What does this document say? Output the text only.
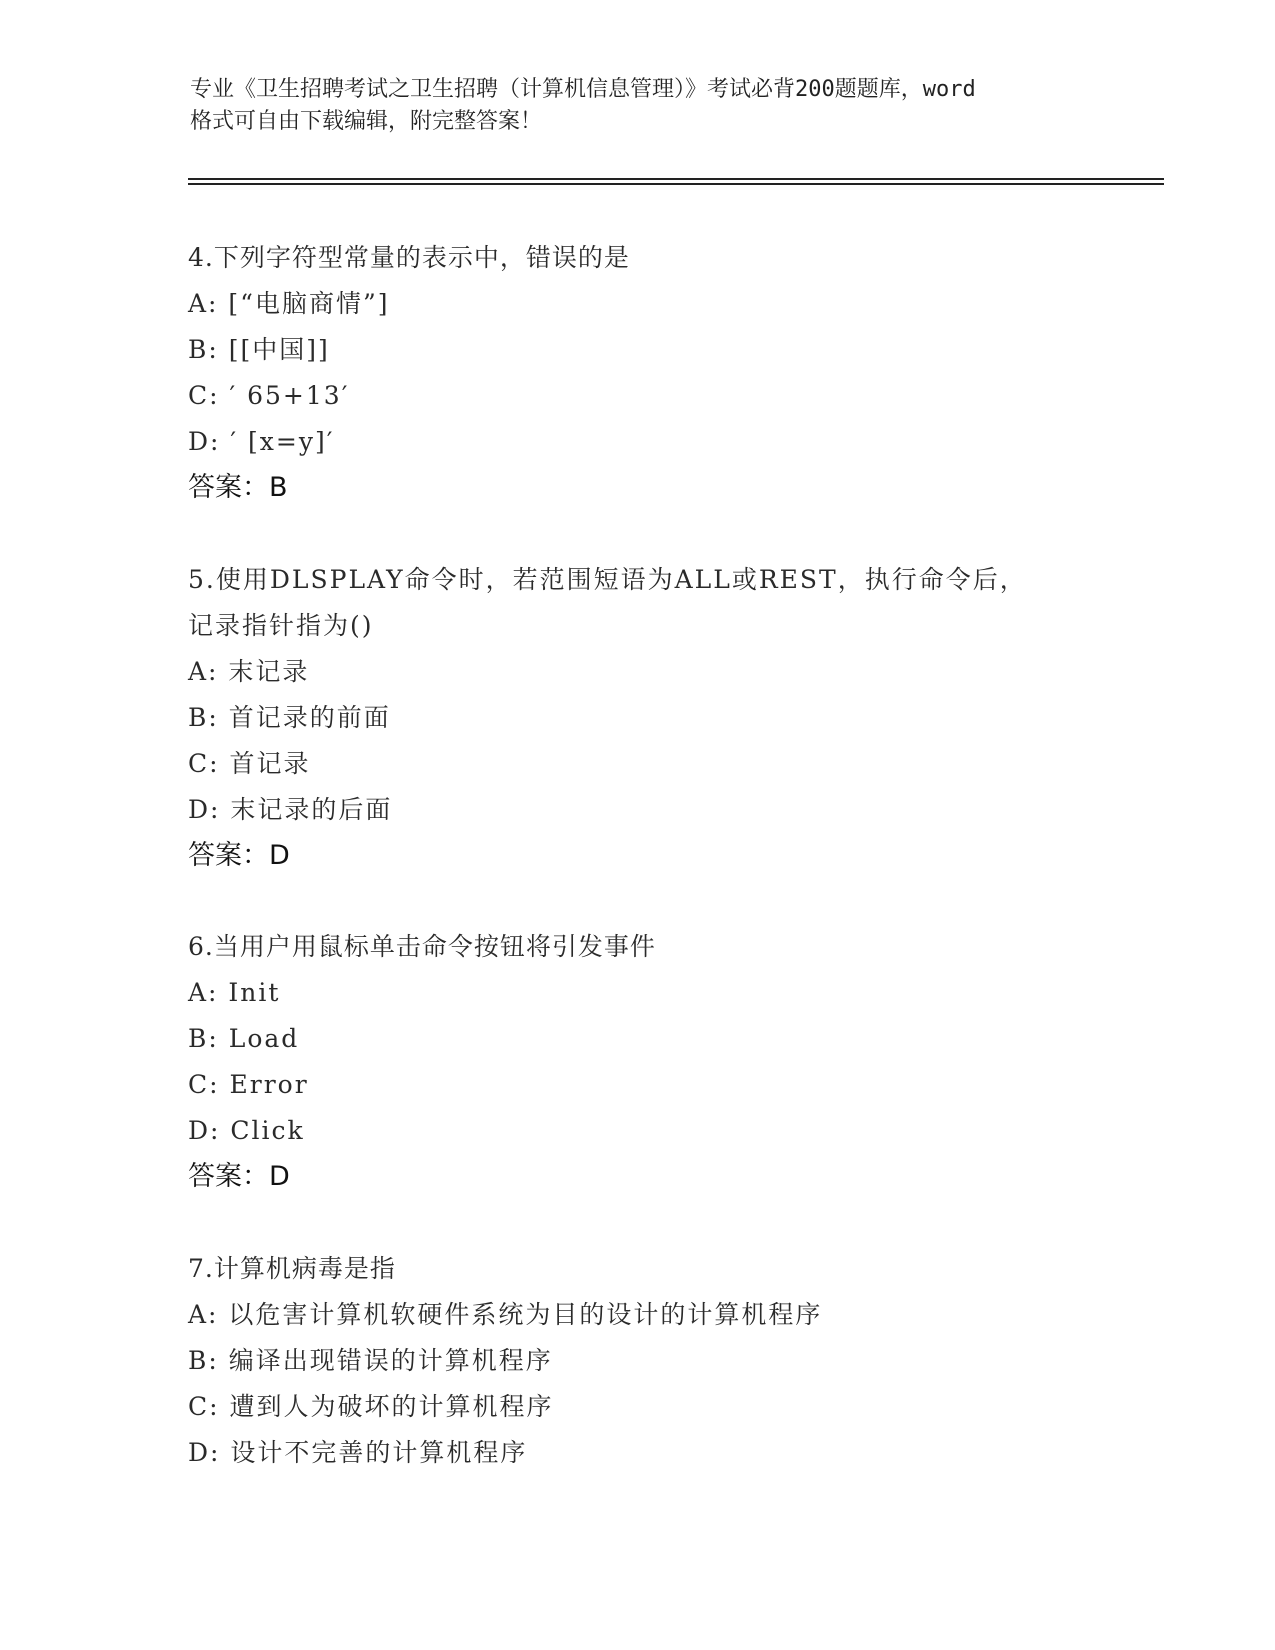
专业《卫生招聘考试之卫生招聘（计算机信息管理）》考试必背200题题库，word
格式可自由下载编辑，附完整答案！
4.下列字符型常量的表示中，错误的是
A: [“电脑商情”]
B: [[中国]]
C: ′ 65+13′
D: ′ [x=y]′
答案：B
5.使用DLSPLAY命令时，若范围短语为ALL或REST，执行命令后，记录指针指为()
A: 末记录
B: 首记录的前面
C: 首记录
D: 末记录的后面
答案：D
6.当用户用鼠标单击命令按钮将引发事件
A: Init
B: Load
C: Error
D: Click
答案：D
7.计算机病毒是指
A: 以危害计算机软硬件系统为目的设计的计算机程序
B: 编译出现错误的计算机程序
C: 遭到人为破坏的计算机程序
D: 设计不完善的计算机程序
